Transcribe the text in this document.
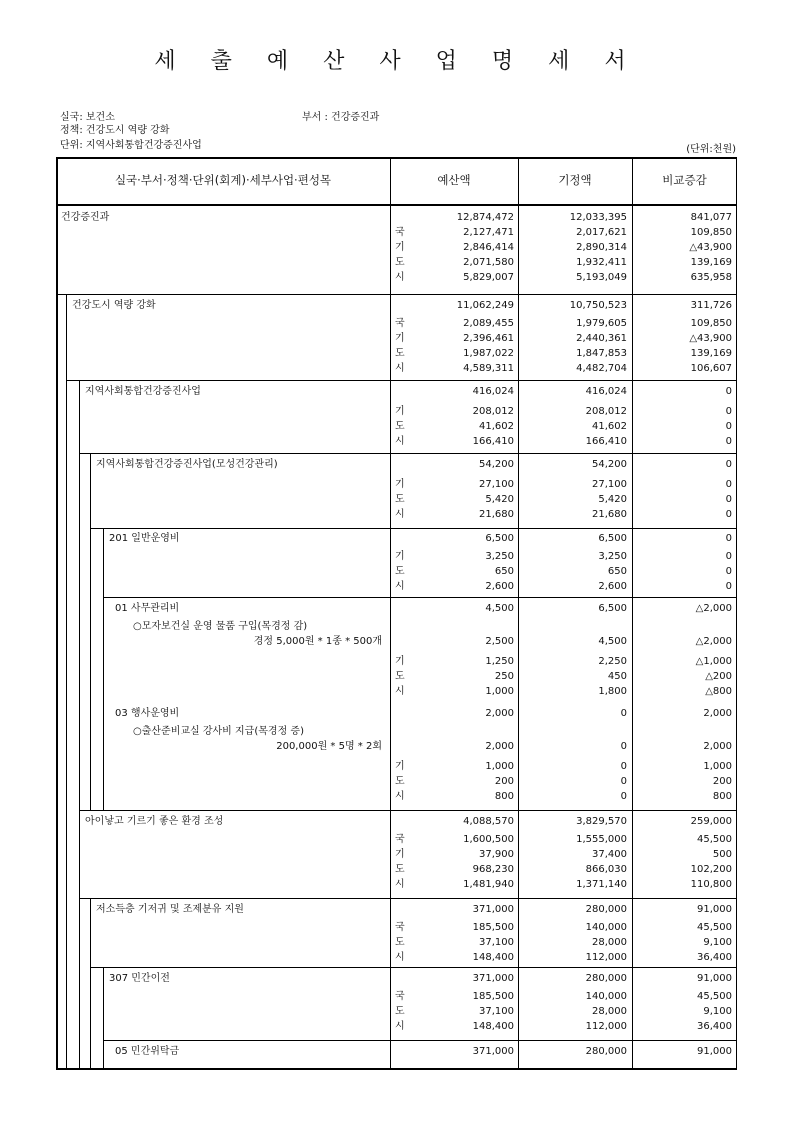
세 출 예 산 사 업 명 세 서
실국: 보건소	부서 : 건강증진과
정책: 건강도시 역량 강화
단위: 지역사회통합건강증진사업	(단위:천원)
실국·부서·정책·단위(회계)·세부사업·편성목	예산액	기정액	비교증감
건강증진과	12,874,472	12,033,395	841,077
국	2,127,471	2,017,621	109,850
기	2,846,414	2,890,314	△43,900
도	2,071,580	1,932,411	139,169
시	5,829,007	5,193,049	635,958
건강도시 역량 강화	11,062,249	10,750,523	311,726
국	2,089,455	1,979,605	109,850
기	2,396,461	2,440,361	△43,900
도	1,987,022	1,847,853	139,169
시	4,589,311	4,482,704	106,607
지역사회통합건강증진사업	416,024	416,024	0
기	208,012	208,012	0
도	41,602	41,602	0
시	166,410	166,410	0
지역사회통합건강증진사업(모성건강관리)	54,200	54,200	0
기	27,100	27,100	0
도	5,420	5,420	0
시	21,680	21,680	0
201 일반운영비	6,500	6,500	0
기	3,250	3,250	0
도	650	650	0
시	2,600	2,600	0
01 사무관리비	4,500	6,500	△2,000
○모자보건실 운영 물품 구입(목경정 감)
경정 5,000원 * 1종 * 500개	2,500	4,500	△2,000
기	1,250	2,250	△1,000
도	250	450	△200
시	1,000	1,800	△800
03 행사운영비	2,000	0	2,000
○출산준비교실 강사비 지급(목경정 증)
200,000원 * 5명 * 2회	2,000	0	2,000
기	1,000	0	1,000
도	200	0	200
시	800	0	800
아이낳고 기르기 좋은 환경 조성	4,088,570	3,829,570	259,000
국	1,600,500	1,555,000	45,500
기	37,900	37,400	500
도	968,230	866,030	102,200
시	1,481,940	1,371,140	110,800
저소득층 기저귀 및 조제분유 지원	371,000	280,000	91,000
국	185,500	140,000	45,500
도	37,100	28,000	9,100
시	148,400	112,000	36,400
307 민간이전	371,000	280,000	91,000
국	185,500	140,000	45,500
도	37,100	28,000	9,100
시	148,400	112,000	36,400
05 민간위탁금	371,000	280,000	91,000
